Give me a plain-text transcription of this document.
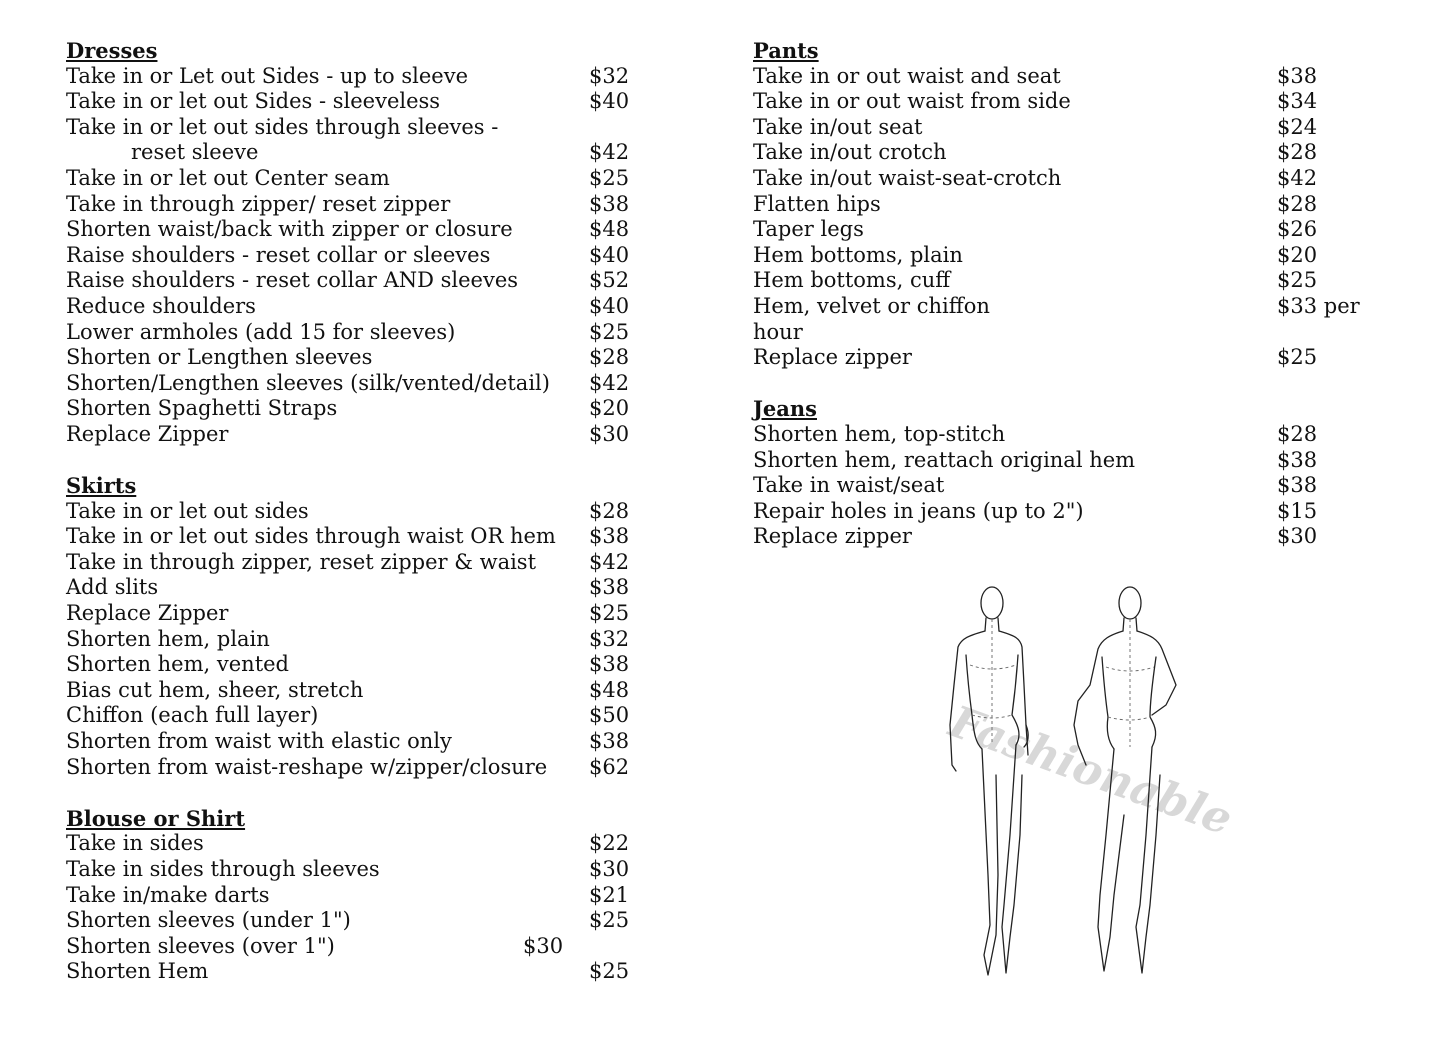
Dresses
Take in or Let out Sides - up to sleeve	$32
Take in or let out Sides - sleeveless	$40
Take in or let out sides through sleeves -
reset sleeve	$42
Take in or let out Center seam	$25
Take in through zipper/ reset zipper	$38
Shorten waist/back with zipper or closure	$48
Raise shoulders - reset collar or sleeves	$40
Raise shoulders - reset collar AND sleeves	$52
Reduce shoulders	$40
Lower armholes (add 15 for sleeves)	$25
Shorten or Lengthen sleeves	$28
Shorten/Lengthen sleeves (silk/vented/detail) $42
Shorten Spaghetti Straps	$20
Replace Zipper	$30
Skirts
Take in or let out sides	$28
Take in or let out sides through waist OR hem $38
Take in through zipper, reset zipper & waist	$42
Add slits	$38
Replace Zipper	$25
Shorten hem, plain	$32
Shorten hem, vented	$38
Bias cut hem, sheer, stretch	$48
Chiffon (each full layer)	$50
Shorten from waist with elastic only	$38
Shorten from waist-reshape w/zipper/closure $62
Blouse or Shirt
Take in sides	$22
Take in sides through sleeves	$30
Take in/make darts	$21
Shorten sleeves (under 1")	$25
Shorten sleeves (over 1")	$30
Shorten Hem	$25
Pants
Take in or out waist and seat	$38
Take in or out waist from side	$34
Take in/out seat	$24
Take in/out crotch	$28
Take in/out waist-seat-crotch	$42
Flatten hips	$28
Taper legs	$26
Hem bottoms, plain	$20
Hem bottoms, cuff	$25
Hem, velvet or chiffon	$33 per
hour
Replace zipper	$25
Jeans
Shorten hem, top-stitch	$28
Shorten hem, reattach original hem	$38
Take in waist/seat	$38
Repair holes in jeans (up to 2")	$15
Replace zipper	$30
Fashionable
